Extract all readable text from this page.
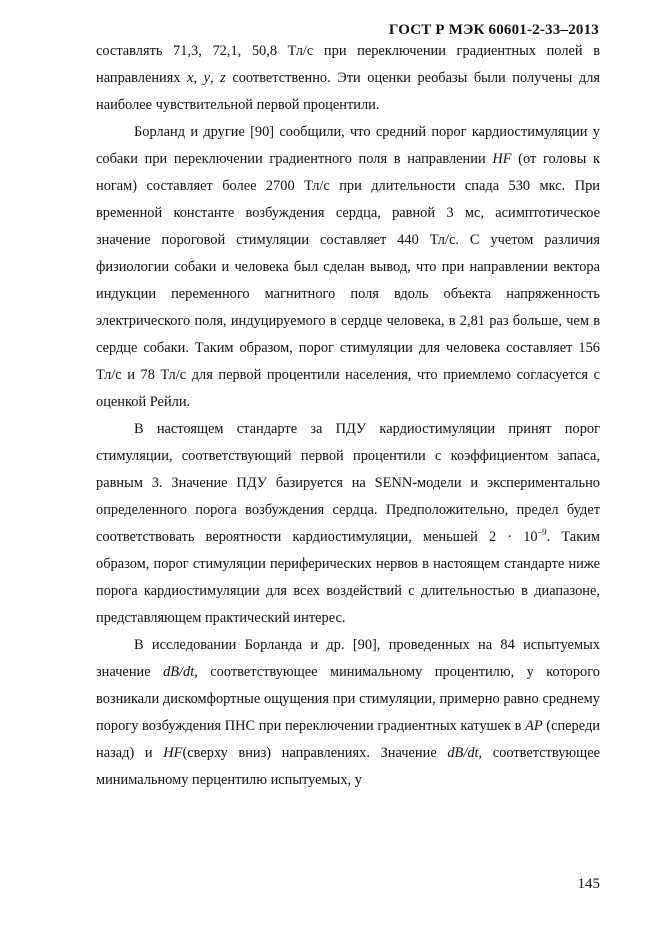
ГОСТ Р МЭК 60601-2-33–2013

составлять 71,3, 72,1, 50,8 Тл/с при переключении градиентных полей в направлениях x, y, z соответственно. Эти оценки реобазы были получены для наиболее чувствительной первой процентили.

Борланд и другие [90] сообщили, что средний порог кардиостимуляции у собаки при переключении градиентного поля в направлении HF (от головы к ногам) составляет более 2700 Тл/с при длительности спада 530 мкс. При временной константе возбуждения сердца, равной 3 мс, асимптотическое значение пороговой стимуляции составляет 440 Тл/с. С учетом различия физиологии собаки и человека был сделан вывод, что при направлении вектора индукции переменного магнитного поля вдоль объекта напряженность электрического поля, индуцируемого в сердце человека, в 2,81 раз больше, чем в сердце собаки. Таким образом, порог стимуляции для человека составляет 156 Тл/с и 78 Тл/с для первой процентили населения, что приемлемо согласуется с оценкой Рейли.

В настоящем стандарте за ПДУ кардиостимуляции принят порог стимуляции, соответствующий первой процентили с коэффициентом запаса, равным 3. Значение ПДУ базируется на SENN-модели и экспериментально определенного порога возбуждения сердца. Предположительно, предел будет соответствовать вероятности кардиостимуляции, меньшей $2 \cdot 10^{-9}$. Таким образом, порог стимуляции периферических нервов в настоящем стандарте ниже порога кардиостимуляции для всех воздействий с длительностью в диапазоне, представляющем практический интерес.

В исследовании Борланда и др. [90], проведенных на 84 испытуемых значение dB/dt, соответствующее минимальному процентилю, у которого возникали дискомфортные ощущения при стимуляции, примерно равно среднему порогу возбуждения ПНС при переключении градиентных катушек в AP (спереди назад) и HF(сверху вниз) направлениях. Значение dB/dt, соответствующее минимальному перцентилю испытуемых, у

145
